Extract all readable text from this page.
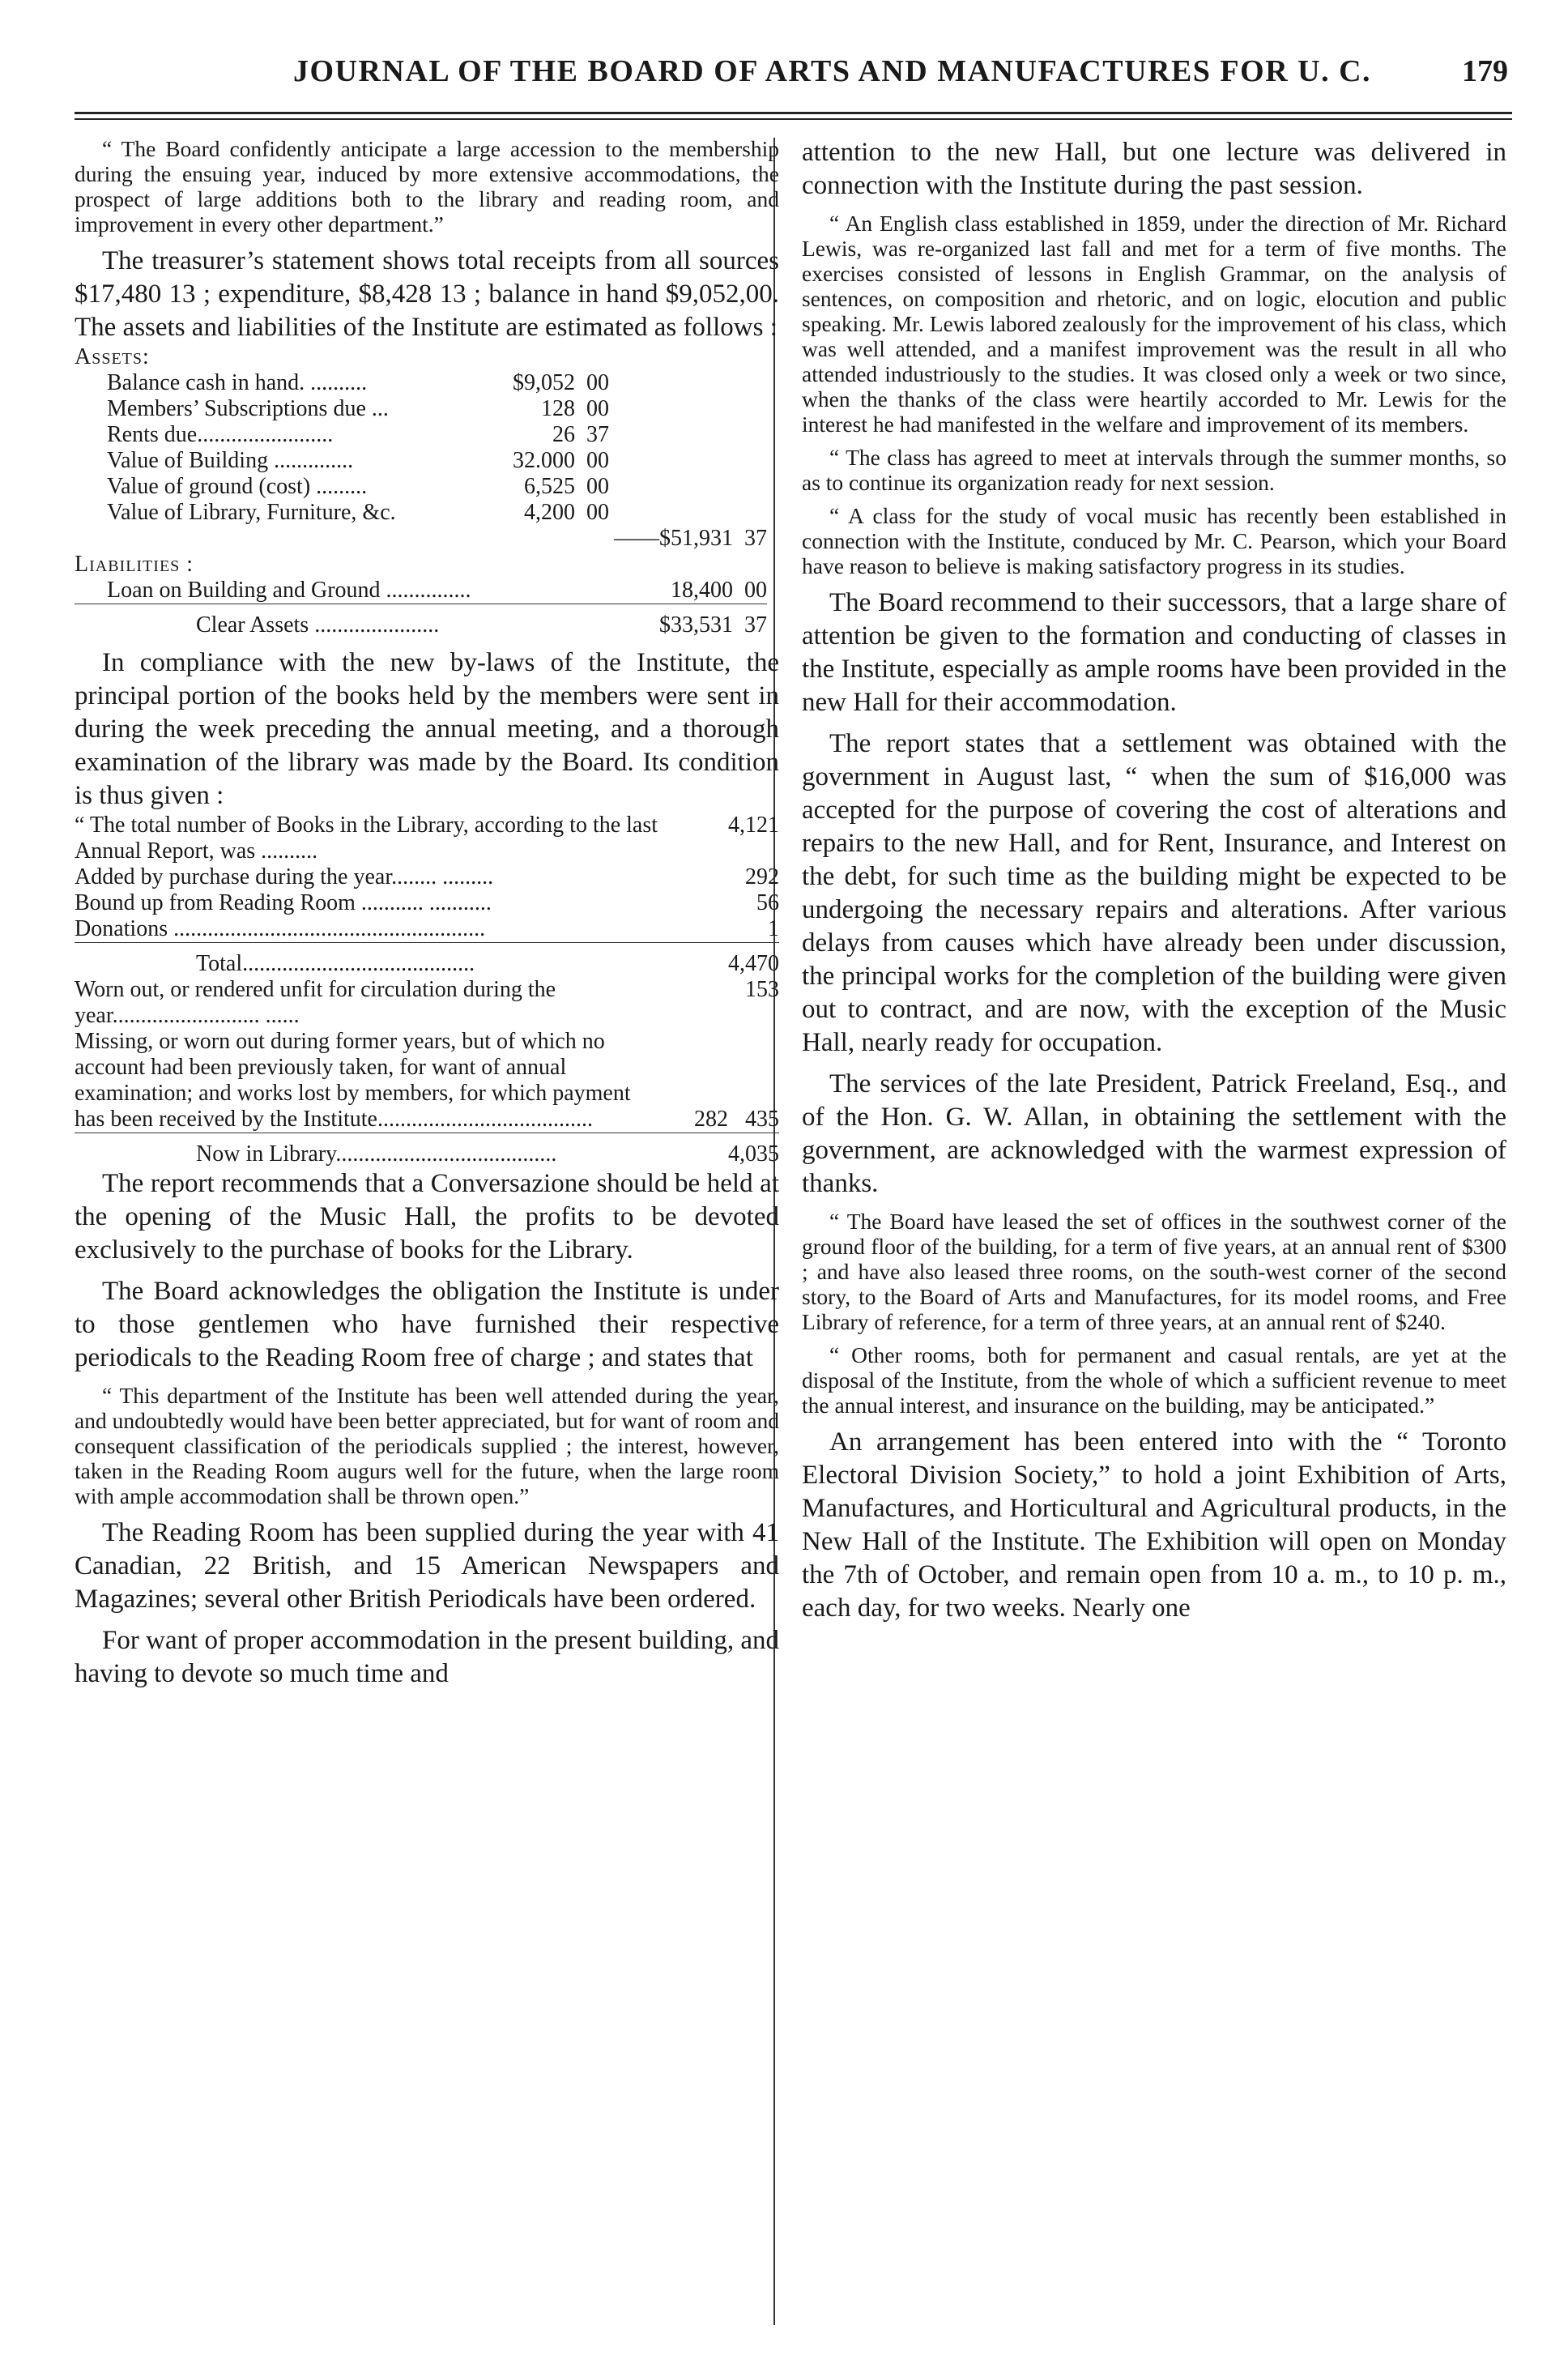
JOURNAL OF THE BOARD OF ARTS AND MANUFACTURES FOR U. C.	179

“ The Board confidently anticipate a large accession to the membership during the ensuing year, induced by more extensive accommodations, the prospect of large additions both to the library and reading room, and improvement in every other department.”

The treasurer’s statement shows total receipts from all sources $17,480 13 ; expenditure, $8,428 13 ; balance in hand $9,052,00. The assets and liabilities of the Institute are estimated as follows :

Assets:
Balance cash in hand. ..........	$9,052  00
Members’ Subscriptions due ...	128  00
Rents due........................	26  37
Value of Building ..............	32.000  00
Value of ground (cost) .........	6,525  00
Value of Library, Furniture, &c.	4,200  00
——$51,931  37
Liabilities :
Loan on Building and Ground ...............	18,400  00
Clear Assets ......................	$33,531  37

In compliance with the new by-laws of the Institute, the principal portion of the books held by the members were sent in during the week preceding the annual meeting, and a thorough examination of the library was made by the Board. Its condition is thus given :

“ The total number of Books in the Library, according to the last Annual Report, was ..........
4,121
Added by purchase during the year........ .........	292
Bound up from Reading Room ........... ...........	56
Donations .......................................................	1
Total.........................................	4,470
Worn out, or rendered unfit for circulation during the year.......................... ......
153
Missing, or worn out during former years, but of which no account had been previously taken, for want of annual examination; and works lost by members, for which payment has been received by the Institute......................................	282   435
Now in Library.......................................	4,035

The report recommends that a Conversazione should be held at the opening of the Music Hall, the profits to be devoted exclusively to the purchase of books for the Library.

The Board acknowledges the obligation the Institute is under to those gentlemen who have furnished their respective periodicals to the Reading Room free of charge ; and states that

“ This department of the Institute has been well attended during the year, and undoubtedly would have been better appreciated, but for want of room and consequent classification of the periodicals supplied ; the interest, however, taken in the Reading Room augurs well for the future, when the large room with ample accommodation shall be thrown open.”

The Reading Room has been supplied during the year with 41 Canadian, 22 British, and 15 American Newspapers and Magazines; several other British Periodicals have been ordered.

For want of proper accommodation in the present building, and having to devote so much time and

attention to the new Hall, but one lecture was delivered in connection with the Institute during the past session.

“ An English class established in 1859, under the direction of Mr. Richard Lewis, was re-organized last fall and met for a term of five months. The exercises consisted of lessons in English Grammar, on the analysis of sentences, on composition and rhetoric, and on logic, elocution and public speaking. Mr. Lewis labored zealously for the improvement of his class, which was well attended, and a manifest improvement was the result in all who attended industriously to the studies. It was closed only a week or two since, when the thanks of the class were heartily accorded to Mr. Lewis for the interest he had manifested in the welfare and improvement of its members.

“ The class has agreed to meet at intervals through the summer months, so as to continue its organization ready for next session.

“ A class for the study of vocal music has recently been established in connection with the Institute, conduced by Mr. C. Pearson, which your Board have reason to believe is making satisfactory progress in its studies.

The Board recommend to their successors, that a large share of attention be given to the formation and conducting of classes in the Institute, especially as ample rooms have been provided in the new Hall for their accommodation.

The report states that a settlement was obtained with the government in August last, “ when the sum of $16,000 was accepted for the purpose of covering the cost of alterations and repairs to the new Hall, and for Rent, Insurance, and Interest on the debt, for such time as the building might be expected to be undergoing the necessary repairs and alterations. After various delays from causes which have already been under discussion, the principal works for the completion of the building were given out to contract, and are now, with the exception of the Music Hall, nearly ready for occupation.

The services of the late President, Patrick Freeland, Esq., and of the Hon. G. W. Allan, in obtaining the settlement with the government, are acknowledged with the warmest expression of thanks.

“ The Board have leased the set of offices in the southwest corner of the ground floor of the building, for a term of five years, at an annual rent of $300 ; and have also leased three rooms, on the south-west corner of the second story, to the Board of Arts and Manufactures, for its model rooms, and Free Library of reference, for a term of three years, at an annual rent of $240.

“ Other rooms, both for permanent and casual rentals, are yet at the disposal of the Institute, from the whole of which a sufficient revenue to meet the annual interest, and insurance on the building, may be anticipated.”

An arrangement has been entered into with the “ Toronto Electoral Division Society,” to hold a joint Exhibition of Arts, Manufactures, and Horticultural and Agricultural products, in the New Hall of the Institute. The Exhibition will open on Monday the 7th of October, and remain open from 10 a. m., to 10 p. m., each day, for two weeks. Nearly one
